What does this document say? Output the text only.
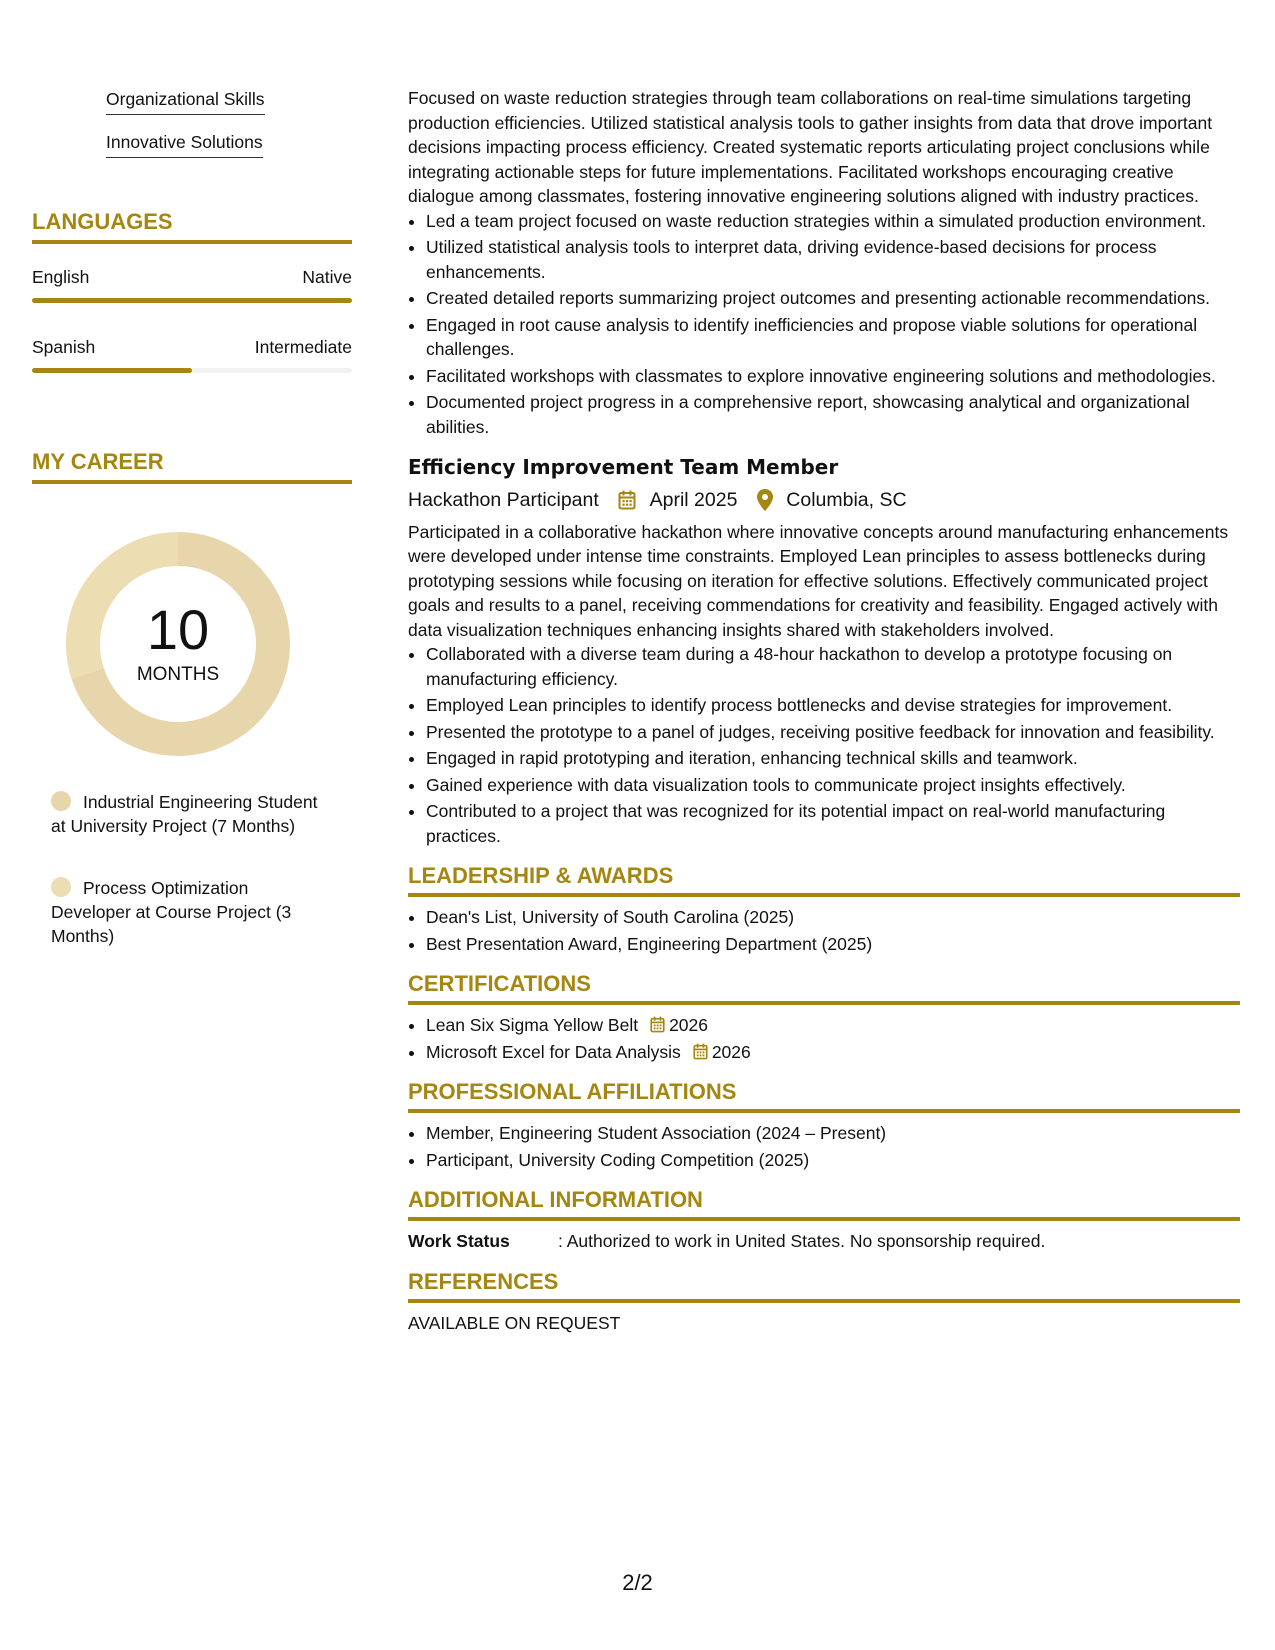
Organizational Skills
Innovative Solutions
LANGUAGES
English	Native
Spanish	Intermediate
MY CAREER
10
MONTHS
Industrial Engineering Student at University Project (7 Months)
Process Optimization Developer at Course Project (3 Months)

Focused on waste reduction strategies through team collaborations on real-time simulations targeting production efficiencies. Utilized statistical analysis tools to gather insights from data that drove important decisions impacting process efficiency. Created systematic reports articulating project conclusions while integrating actionable steps for future implementations. Facilitated workshops encouraging creative dialogue among classmates, fostering innovative engineering solutions aligned with industry practices.

• Led a team project focused on waste reduction strategies within a simulated production environment.
• Utilized statistical analysis tools to interpret data, driving evidence-based decisions for process enhancements.
• Created detailed reports summarizing project outcomes and presenting actionable recommendations.
• Engaged in root cause analysis to identify inefficiencies and propose viable solutions for operational challenges.
• Facilitated workshops with classmates to explore innovative engineering solutions and methodologies.
• Documented project progress in a comprehensive report, showcasing analytical and organizational abilities.
Efficiency Improvement Team Member
Hackathon Participant	April 2025	Columbia, SC

Participated in a collaborative hackathon where innovative concepts around manufacturing enhancements were developed under intense time constraints. Employed Lean principles to assess bottlenecks during prototyping sessions while focusing on iteration for effective solutions. Effectively communicated project goals and results to a panel, receiving commendations for creativity and feasibility. Engaged actively with data visualization techniques enhancing insights shared with stakeholders involved.

• Collaborated with a diverse team during a 48-hour hackathon to develop a prototype focusing on manufacturing efficiency.
• Employed Lean principles to identify process bottlenecks and devise strategies for improvement.
• Presented the prototype to a panel of judges, receiving positive feedback for innovation and feasibility.
• Engaged in rapid prototyping and iteration, enhancing technical skills and teamwork.
• Gained experience with data visualization tools to communicate project insights effectively.
• Contributed to a project that was recognized for its potential impact on real-world manufacturing practices.
LEADERSHIP & AWARDS
• Dean's List, University of South Carolina (2025)
• Best Presentation Award, Engineering Department (2025)
CERTIFICATIONS
• Lean Six Sigma Yellow Belt 2026
• Microsoft Excel for Data Analysis 2026
PROFESSIONAL AFFILIATIONS
• Member, Engineering Student Association (2024 – Present)
• Participant, University Coding Competition (2025)
ADDITIONAL INFORMATION
Work Status	: Authorized to work in United States. No sponsorship required.
REFERENCES
AVAILABLE ON REQUEST
2/2
